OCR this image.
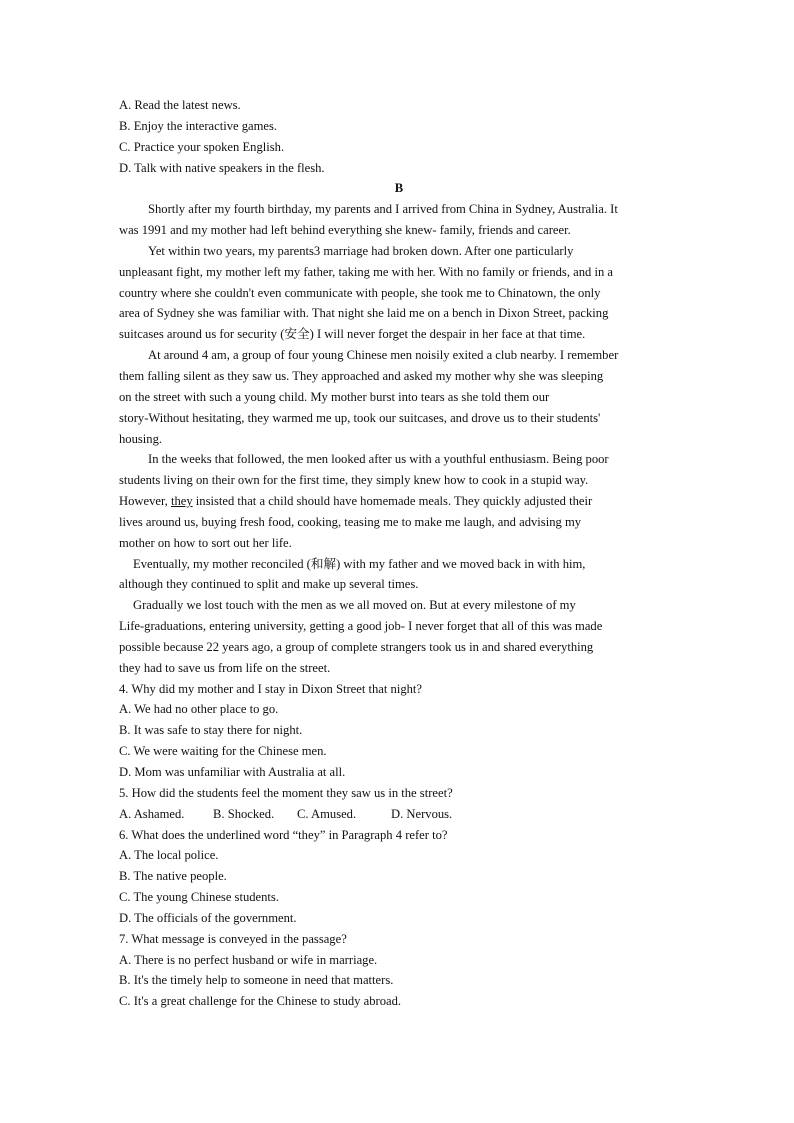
A. Read the latest news.
B. Enjoy the interactive games.
C. Practice your spoken English.
D. Talk with native speakers in the flesh.
B
Shortly after my fourth birthday, my parents and I arrived from China in Sydney, Australia. It
was 1991 and my mother had left behind everything she knew- family, friends and career.
Yet within two years, my parents3 marriage had broken down. After one particularly
unpleasant fight, my mother left my father, taking me with her. With no family or friends, and in a
country where she couldn't even communicate with people, she took me to Chinatown, the only
area of Sydney she was familiar with. That night she laid me on a bench in Dixon Street, packing
suitcases around us for security (安全) I will never forget the despair in her face at that time.
At around 4 am, a group of four young Chinese men noisily exited a club nearby. I remember
them falling silent as they saw us. They approached and asked my mother why she was sleeping
on the street with such a young child. My mother burst into tears as she told them our
story-Without hesitating, they warmed me up, took our suitcases, and drove us to their students'
housing.
In the weeks that followed, the men looked after us with a youthful enthusiasm. Being poor
students living on their own for the first time, they simply knew how to cook in a stupid way.
However, they insisted that a child should have homemade meals. They quickly adjusted their
lives around us, buying fresh food, cooking, teasing me to make me laugh, and advising my
mother on how to sort out her life.
Eventually, my mother reconciled (和解) with my father and we moved back in with him,
although they continued to split and make up several times.
Gradually we lost touch with the men as we all moved on. But at every milestone of my
Life-graduations, entering university, getting a good job- I never forget that all of this was made
possible because 22 years ago, a group of complete strangers took us in and shared everything
they had to save us from life on the street.
4. Why did my mother and I stay in Dixon Street that night?
A. We had no other place to go.
B. It was safe to stay there for night.
C. We were waiting for the Chinese men.
D. Mom was unfamiliar with Australia at all.
5. How did the students feel the moment they saw us in the street?
A. Ashamed. B. Shocked. C. Amused.	D. Nervous.
6. What does the underlined word “they” in Paragraph 4 refer to?
A. The local police.
B. The native people.
C. The young Chinese students.
D. The officials of the government.
7. What message is conveyed in the passage?
A. There is no perfect husband or wife in marriage.
B. It's the timely help to someone in need that matters.
C. It's a great challenge for the Chinese to study abroad.
